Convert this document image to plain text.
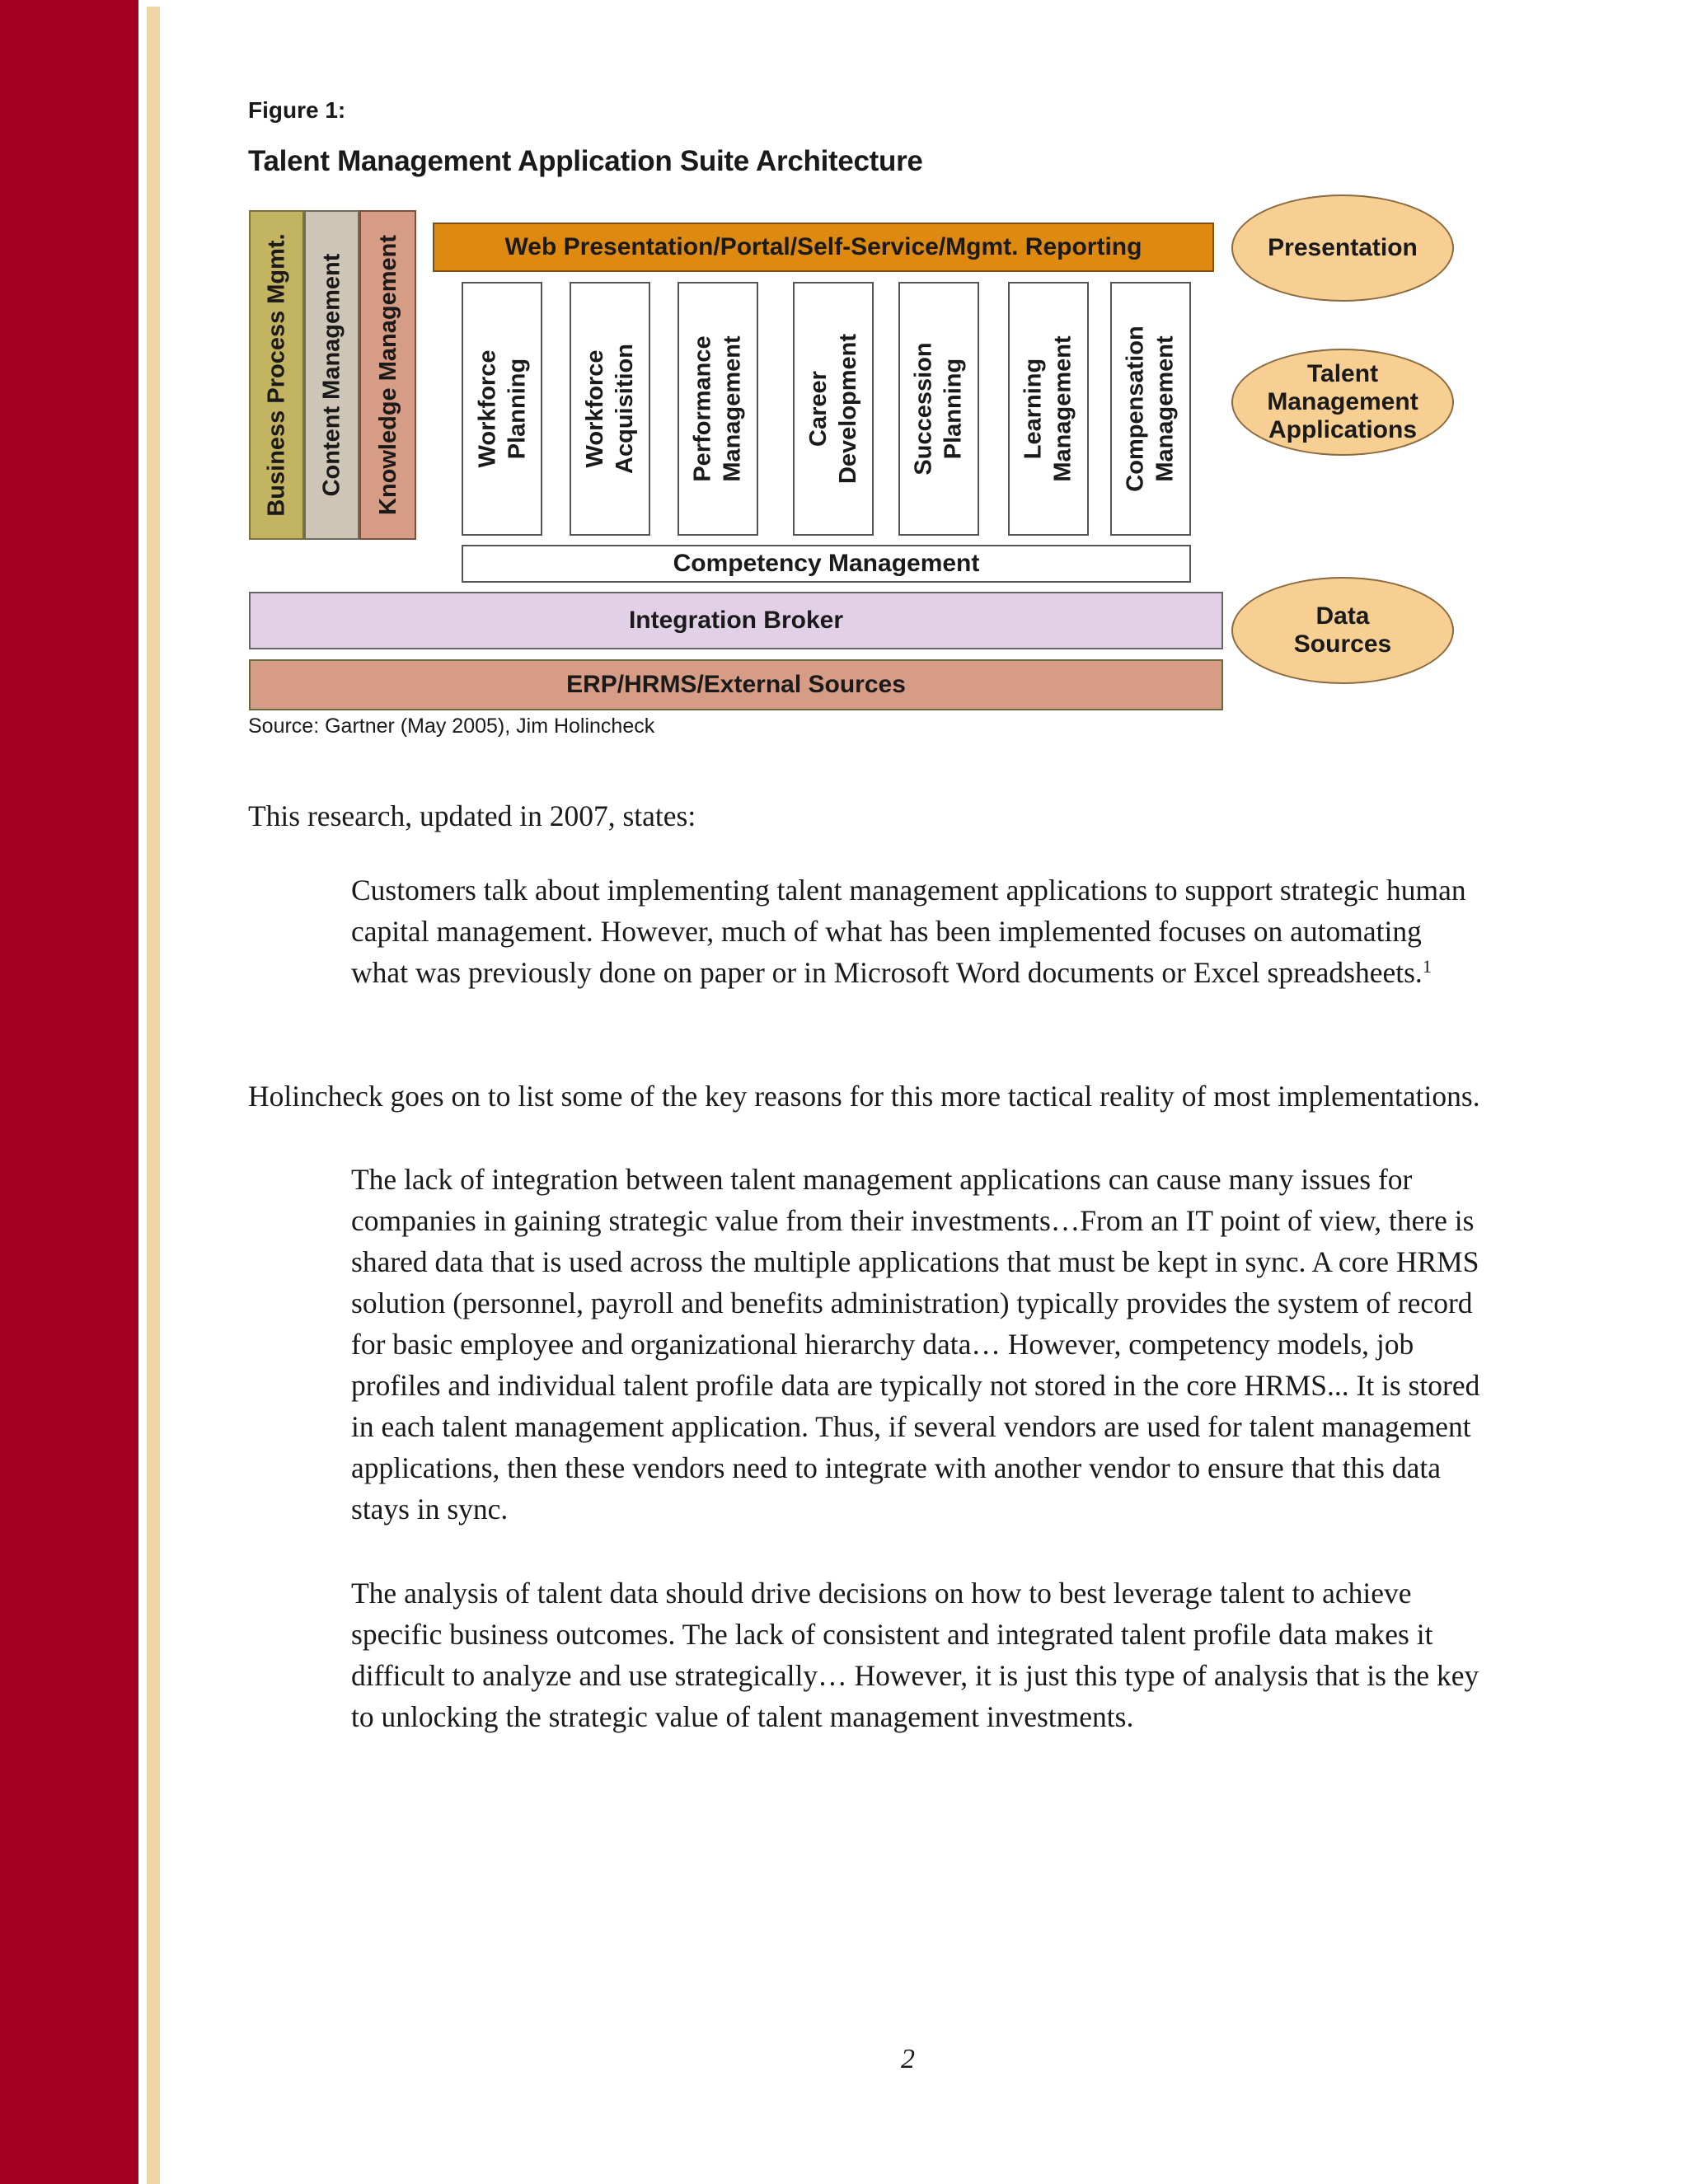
Figure 1:
Talent Management Application Suite Architecture
Business Process Mgmt. Content Management Knowledge Management	Web Presentation/Portal/Self-Service/Mgmt. Reporting
Workforce
Planning Workforce
Acquisition Performance
Management Career
Development Succession
Planning Learning
Management Compensation
Management
Competency Management
Integration Broker
ERP/HRMS/External Sources
Presentation
Talent
Management
Applications
Data
Sources
Source: Gartner (May 2005), Jim Holincheck

This research, updated in 2007, states:

Customers talk about implementing talent management applications to support strategic human capital management. However, much of what has been implemented focuses on automating what was previously done on paper or in Microsoft Word documents or Excel spreadsheets.$^1$

Holincheck goes on to list some of the key reasons for this more tactical reality of most implementations.

The lack of integration between talent management applications can cause many issues for companies in gaining strategic value from their investments…From an IT point of view, there is shared data that is used across the multiple applications that must be kept in sync. A core HRMS solution (personnel, payroll and benefits administration) typically provides the system of record for basic employee and organizational hierarchy data… However, competency models, job profiles and individual talent profile data are typically not stored in the core HRMS... It is stored in each talent management application. Thus, if several vendors are used for talent management applications, then these vendors need to integrate with another vendor to ensure that this data stays in sync.

The analysis of talent data should drive decisions on how to best leverage talent to achieve specific business outcomes. The lack of consistent and integrated talent profile data makes it difficult to analyze and use strategically… However, it is just this type of analysis that is the key to unlocking the strategic value of talent management investments.

2
